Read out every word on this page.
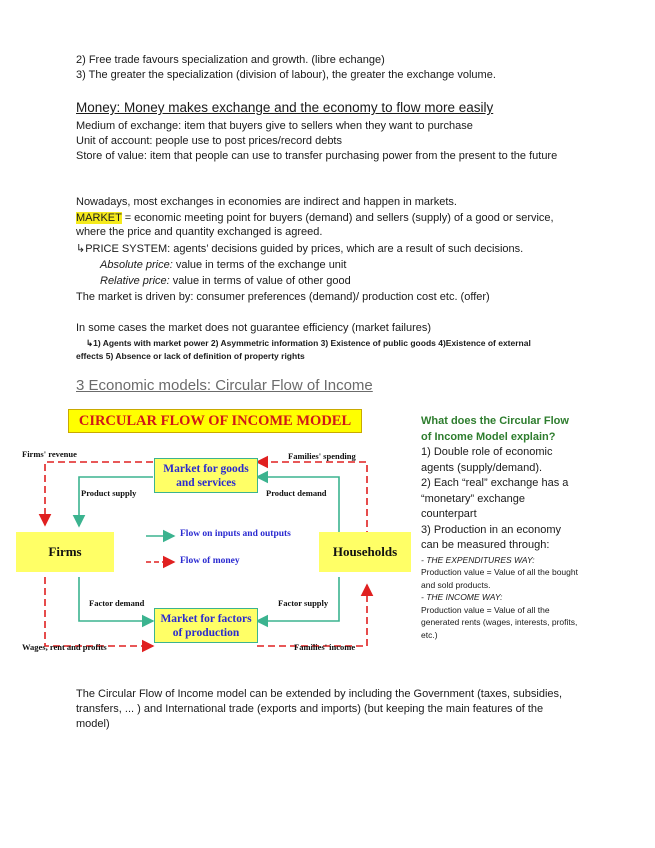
2) Free trade favours specialization and growth. (libre echange)
3) The greater the specialization (division of labour), the greater the exchange volume.
Money: Money makes exchange and the economy to flow more easily
Medium of exchange: item that buyers give to sellers when they want to purchase
Unit of account: people use to post prices/record debts
Store of value: item that people can use to transfer purchasing power from the present to the future
Nowadays, most exchanges in economies are indirect and happen in markets.
MARKET = economic meeting point for buyers (demand) and sellers (supply) of a good or service, where the price and quantity exchanged is agreed.
↳PRICE SYSTEM: agents’ decisions guided by prices, which are a result of such decisions.
Absolute price: value in terms of the exchange unit
Relative price: value in terms of value of other good
The market is driven by: consumer preferences (demand)/ production cost etc. (offer)
In some cases the market does not guarantee efficiency (market failures)
↳1) Agents with market power 2) Asymmetric information 3) Existence of public goods 4)Existence of external
effects 5) Absence or lack of definition of property rights
3 Economic models: Circular Flow of Income
CIRCULAR FLOW OF INCOME MODEL
Market for goods
and services
Market for factors
of production
Firms	Households
Firms' revenue	Families' spending
Product supply	Product demand
Flow on inputs and outputs
Flow of money
Factor demand	Factor supply
Wages, rent and profits	Families' income
What does the Circular Flow of Income Model explain?
1) Double role of economic agents (supply/demand).
2) Each “real” exchange has a “monetary” exchange counterpart
3) Production in an economy can be measured through:
- THE EXPENDITURES WAY:
Production value = Value of all the bought and sold products.
- THE INCOME WAY:
Production value = Value of all the generated rents (wages, interests, profits, etc.)
The Circular Flow of Income model can be extended by including the Government (taxes, subsidies, transfers, ... ) and International trade (exports and imports) (but keeping the main features of the model)
